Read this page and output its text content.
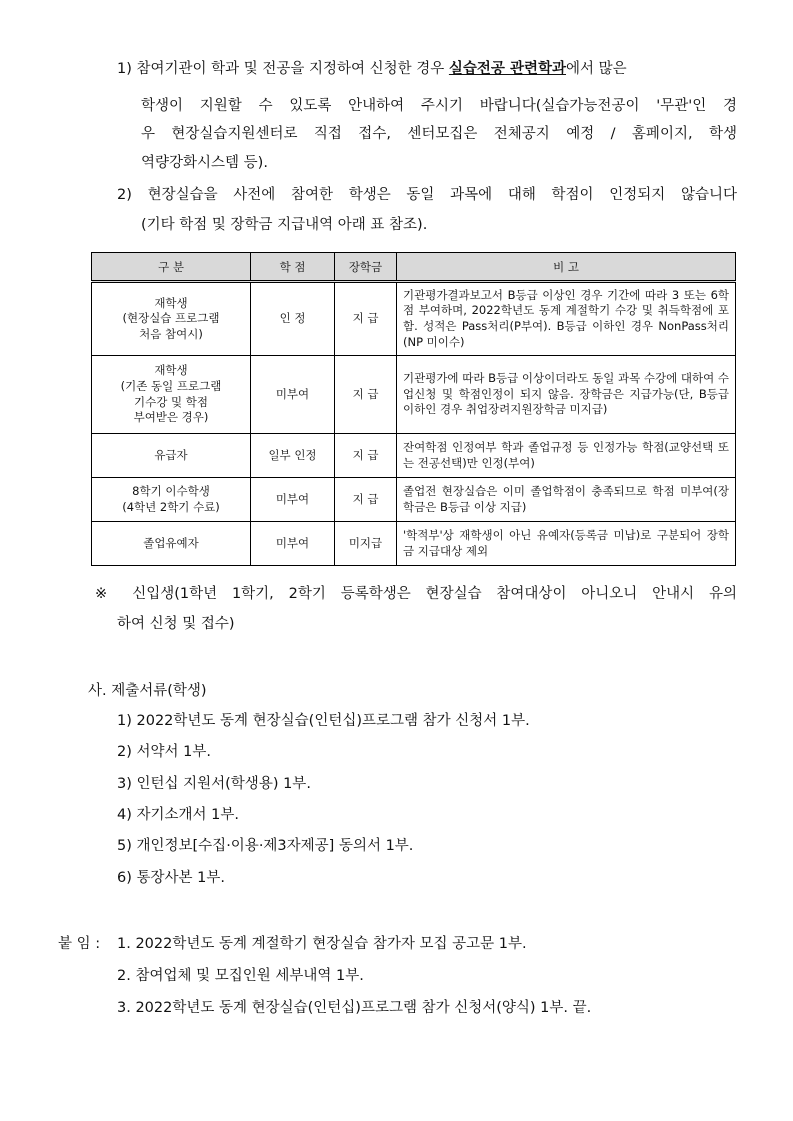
1) 참여기관이 학과 및 전공을 지정하여 신청한 경우 실습전공 관련학과에서 많은
학생이 지원할 수 있도록 안내하여 주시기 바랍니다(실습가능전공이 '무관'인 경
우 현장실습지원센터로 직접 접수, 센터모집은 전체공지 예정 / 홈페이지, 학생
역량강화시스템 등).
2) 현장실습을 사전에 참여한 학생은 동일 과목에 대해 학점이 인정되지 않습니다
(기타 학점 및 장학금 지급내역 아래 표 참조).
구 분	학 점	장학금	비 고
재학생
(현장실습 프로그램
처음 참여시)	인 정	지 급	기관평가결과보고서 B등급 이상인 경우 기간에 따라 3 또는 6학점 부여하며, 2022학년도 동계 계절학기 수강 및 취득학점에 포함. 성적은 Pass처리(P부여). B등급 이하인 경우 NonPass처리(NP 미이수)
재학생
(기존 동일 프로그램
기수강 및 학점
부여받은 경우)	미부여	지 급	기관평가에 따라 B등급 이상이더라도 동일 과목 수강에 대하여 수업신청 및 학점인정이 되지 않음. 장학금은 지급가능(단, B등급 이하인 경우 취업장려지원장학금 미지급)
유급자	일부 인정	지 급	잔여학점 인정여부 학과 졸업규정 등 인정가능 학점(교양선택 또는 전공선택)만 인정(부여)
8학기 이수학생
(4학년 2학기 수료)	미부여	지 급	졸업전 현장실습은 이미 졸업학점이 충족되므로 학점 미부여(장학금은 B등급 이상 지급)
졸업유예자	미부여	미지급	'학적부'상 재학생이 아닌 유예자(등록금 미납)로 구분되어 장학금 지급대상 제외
※ 신입생(1학년 1학기, 2학기 등록학생은 현장실습 참여대상이 아니오니 안내시 유의
하여 신청 및 접수)
사. 제출서류(학생)
1) 2022학년도 동계 현장실습(인턴십)프로그램 참가 신청서 1부.
2) 서약서 1부.
3) 인턴십 지원서(학생용) 1부.
4) 자기소개서 1부.
5) 개인정보[수집·이용·제3자제공] 동의서 1부.
6) 통장사본 1부.
붙 임 : 1. 2022학년도 동계 계절학기 현장실습 참가자 모집 공고문 1부.
2. 참여업체 및 모집인원 세부내역 1부.
3. 2022학년도 동계 현장실습(인턴십)프로그램 참가 신청서(양식) 1부. 끝.
